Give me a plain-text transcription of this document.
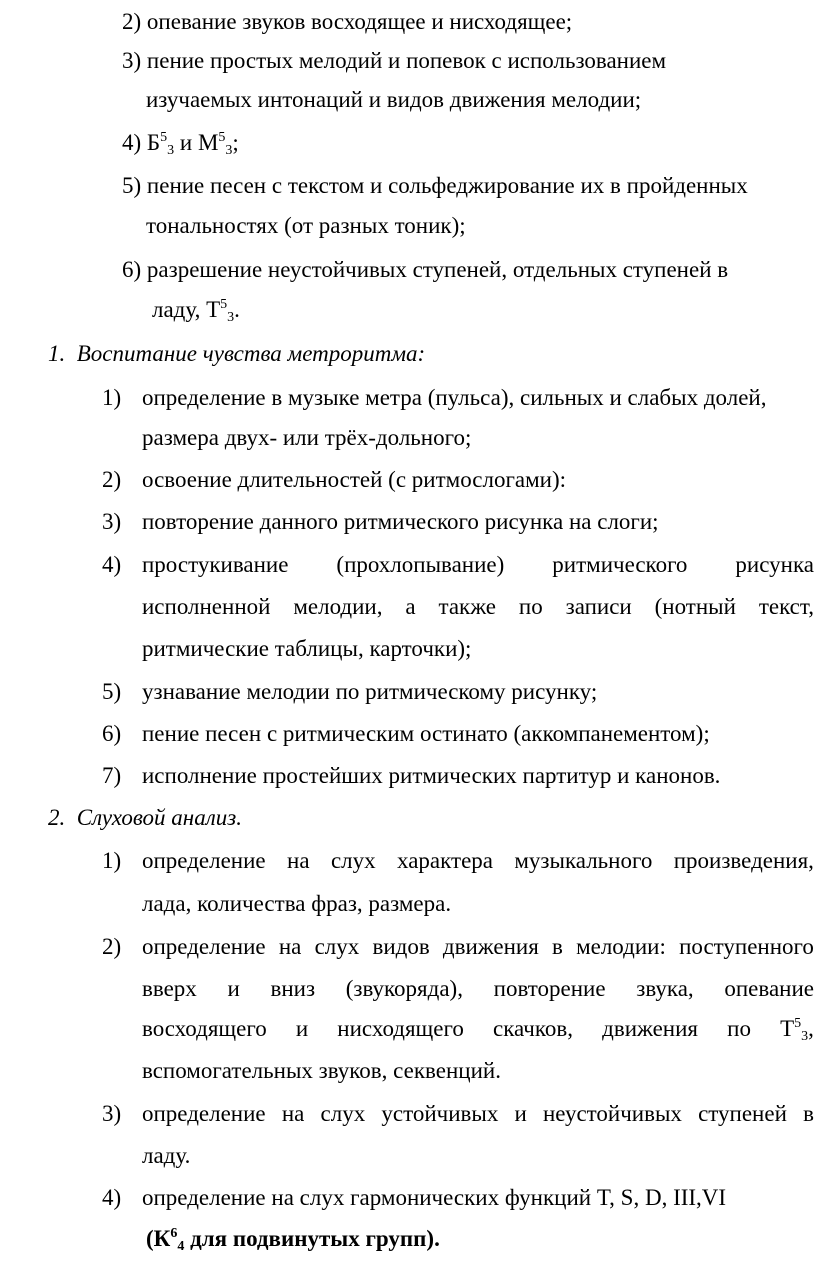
2) опевание звуков восходящее и нисходящее;
3) пение простых мелодий и попевок с использованием
изучаемых интонаций и видов движения мелодии;
4) $Б^5_3$ и $М^5_3$;
5) пение песен с текстом и сольфеджирование их в пройденных
тональностях (от разных тоник);
6) разрешение неустойчивых ступеней, отдельных ступеней в
ладу, $Т^5_3$.
1. Воспитание чувства метроритма:
1) определение в музыке метра (пульса), сильных и слабых долей,
размера двух- или трёх-дольного;
2) освоение длительностей (с ритмослогами):
3) повторение данного ритмического рисунка на слоги;
4) простукивание (прохлопывание) ритмического рисунка
исполненной мелодии, а также по записи (нотный текст,
ритмические таблицы, карточки);
5) узнавание мелодии по ритмическому рисунку;
6) пение песен с ритмическим остинато (аккомпанементом);
7) исполнение простейших ритмических партитур и канонов.
2. Слуховой анализ.
1) определение на слух характера музыкального произведения,
лада, количества фраз, размера.
2) определение на слух видов движения в мелодии: поступенного
вверх и вниз (звукоряда), повторение звука, опевание
восходящего и нисходящего скачков, движения по $Т^5_3$,
вспомогательных звуков, секвенций.
3) определение на слух устойчивых и неустойчивых ступеней в
ладу.
4) определение на слух гармонических функций T, S, D, III,VI
($К^6_4$ для подвинутых групп).
